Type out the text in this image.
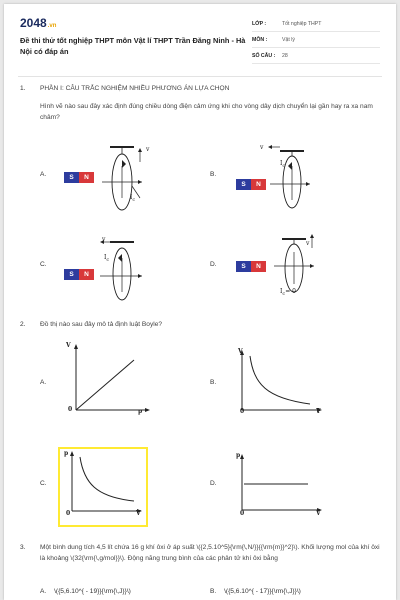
2048.vn
Đề thi thử tốt nghiệp THPT môn Vật lí THPT Trần Đăng Ninh - Hà Nội có đáp án
LỚP :	Tốt nghiệp THPT
MÔN :	Vật lý
SỐ CÂU :	28
1. PHẦN I: CÂU TRẮC NGHIỆM NHIỀU PHƯƠNG ÁN LỰA CHỌN
Hình vẽ nào sau đây xác định đúng chiều dòng điện cảm ứng khi cho vòng dây dịch chuyển lại gần hay ra xa nam châm?
A.	B.
C.	D.
S	N
v
$I_c$
S	N
v
$I_c$
S	N
v
$I_c$
S	N
v
$I_c= 0$
2. Đồ thị nào sau đây mô tả định luật Boyle?
A.	B.
C.	D.
V
0	p
V
0	T
p
0	V
p
0	V
3. Một bình dung tích 4,5 lít chứa 16 g khí ôxi ở áp suất \({2,5.10^5}{\rm{\,N/}}{{\rm{m}}^2}\). Khối lượng mol của khí ôxi là khoảng \(32{\rm{\,g/mol}}\). Động năng trung bình của các phân tử khí ôxi bằng
A. \({5,6.10^{ - 19}}{\rm{\,J}}\)	B. \({5,6.10^{ - 17}}{\rm{\,J}}\)
